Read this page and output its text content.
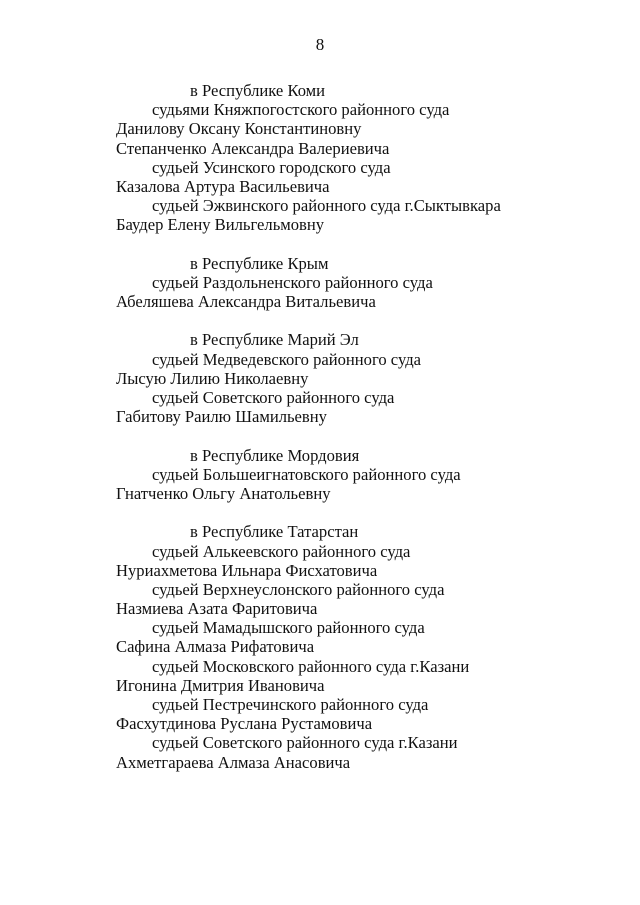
8
в Республике Коми
судьями Княжпогостского районного суда
Данилову Оксану Константиновну
Степанченко Александра Валериевича
судьей Усинского городского суда
Казалова Артура Васильевича
судьей Эжвинского районного суда г.Сыктывкара
Баудер Елену Вильгельмовну
в Республике Крым
судьей Раздольненского районного суда
Абеляшева Александра Витальевича
в Республике Марий Эл
судьей Медведевского районного суда
Лысую Лилию Николаевну
судьей Советского районного суда
Габитову Раилю Шамильевну
в Республике Мордовия
судьей Большеигнатовского районного суда
Гнатченко Ольгу Анатольевну
в Республике Татарстан
судьей Алькеевского районного суда
Нуриахметова Ильнара Фисхатовича
судьей Верхнеуслонского районного суда
Назмиева Азата Фаритовича
судьей Мамадышского районного суда
Сафина Алмаза Рифатовича
судьей Московского районного суда г.Казани
Игонина Дмитрия Ивановича
судьей Пестречинского районного суда
Фасхутдинова Руслана Рустамовича
судьей Советского районного суда г.Казани
Ахметгараева Алмаза Анасовича
